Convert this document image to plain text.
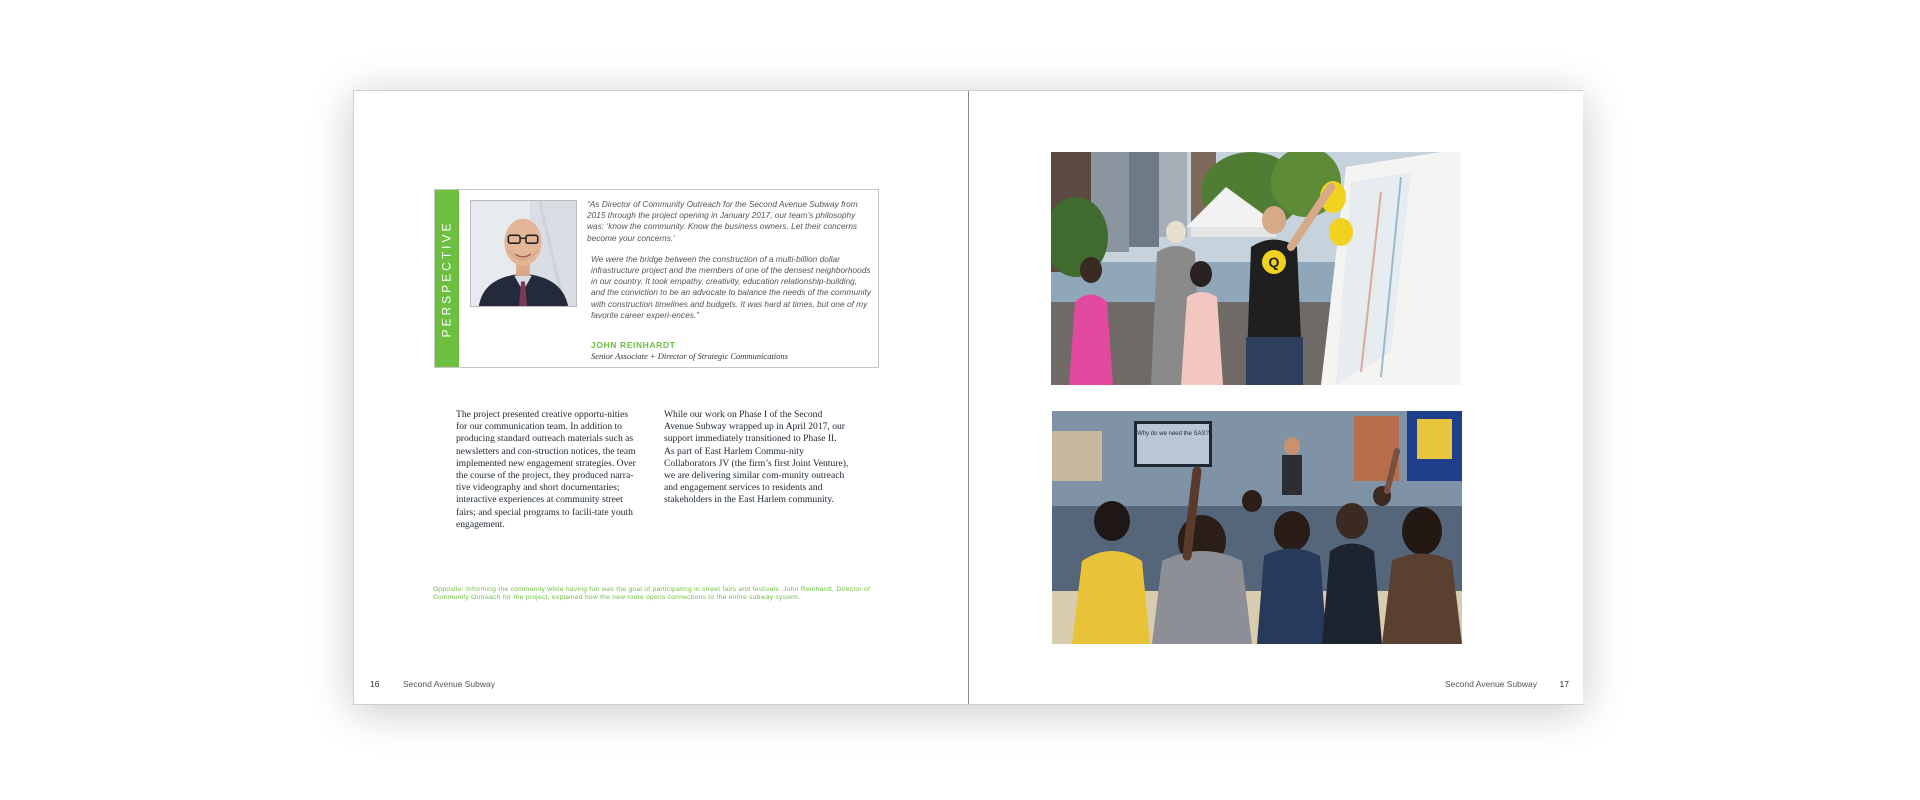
PERSPECTIVE

“As Director of Community Outreach for the Second Avenue Subway from 2015 through the project opening in January 2017, our team’s philosophy was: ‘know the community. Know the business owners. Let their concerns become your concerns.’

We were the bridge between the construction of a multi-billion dollar infrastructure project and the members of one of the densest neighborhoods in our country. It took empathy, creativity, education relationship-building, and the conviction to be an advocate to balance the needs of the community with construction timelines and budgets. It was hard at times, but one of my favorite career experi-ences.”

JOHN REINHARDT
Senior Associate + Director of Strategic Communications
The project presented creative opportu-nities for our communication team. In addition to producing standard outreach materials such as newsletters and con-struction notices, the team implemented new engagement strategies. Over the course of the project, they produced narra-tive videography and short documentaries; interactive experiences at community street fairs; and special programs to facili-tate youth engagement.
While our work on Phase I of the Second Avenue Subway wrapped up in April 2017, our support immediately transitioned to Phase II. As part of East Harlem Commu-nity Collaborators JV (the firm’s first Joint Venture), we are delivering similar com-munity outreach and engagement services to residents and stakeholders in the East Harlem community.
Opposite: Informing the community while having fun was the goal of participating in street fairs and festivals. John Reinhardt, Director of Community Outreach for the project, explained how the new route opens connections to the entire subway system.
16	Second Avenue Subway
Q
Why do we need the SAS?
Second Avenue Subway	17
